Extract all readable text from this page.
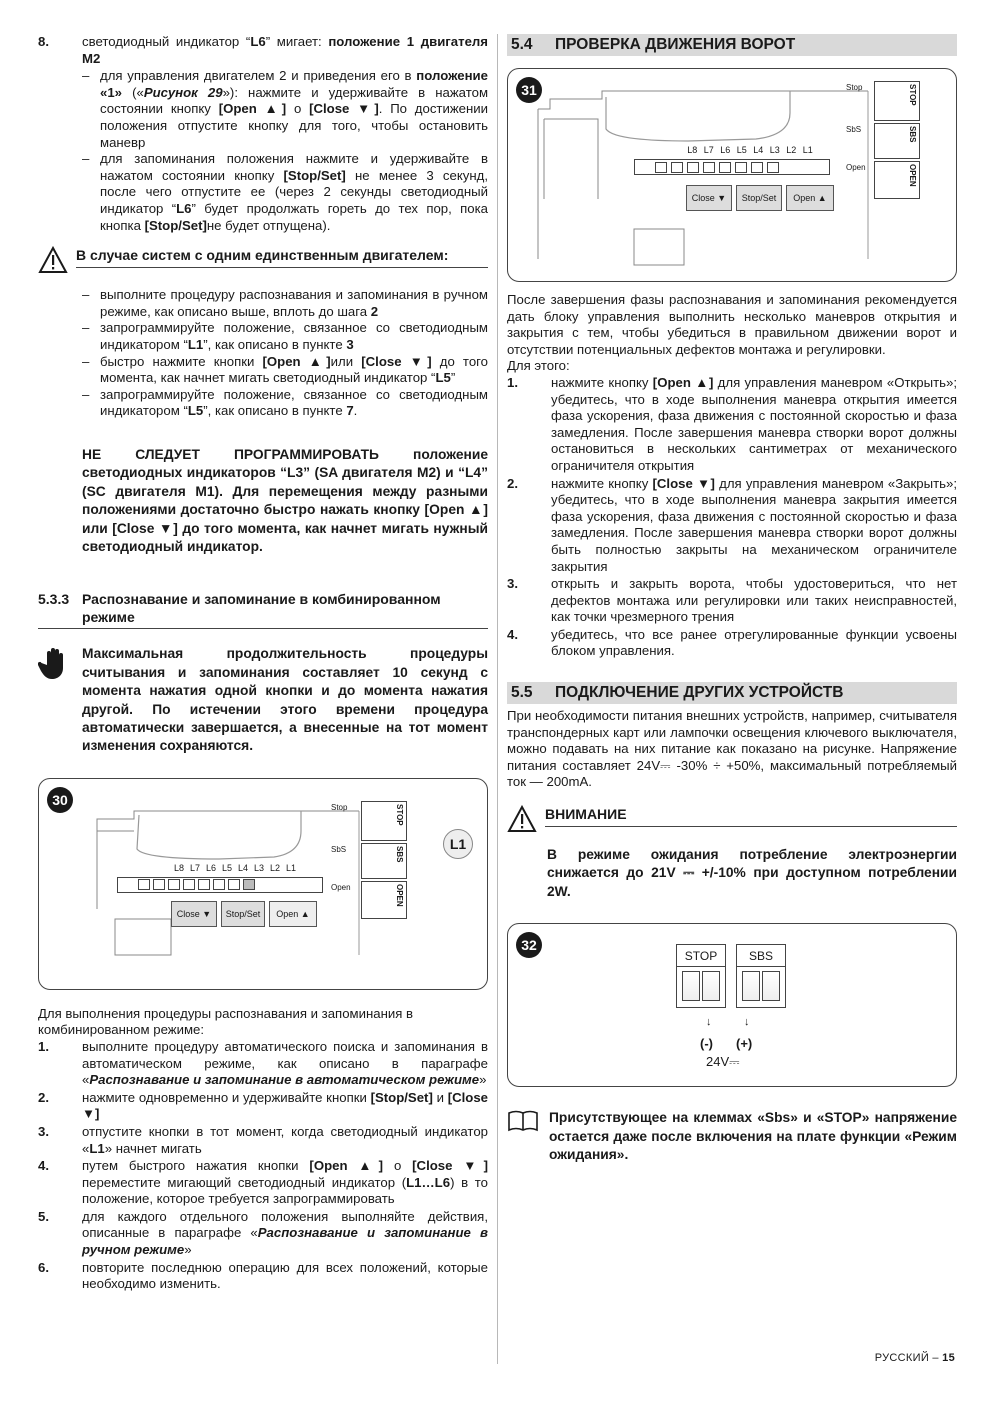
8.	светодиодный индикатор “L6” мигает: положение 1 двигателя M2
– для управления двигателем 2 и приведения его в положение «1» («Рисунок 29»): нажмите и удерживайте в нажатом состоянии кнопку [Open ▲] о [Close ▼]. По достижении положения отпустите кнопку для того, чтобы остановить маневр
– для запоминания положения нажмите и удерживайте в нажатом состоянии кнопку [Stop/Set] не менее 3 секунд, после чего отпустите ее (через 2 секунды светодиодный индикатор “L6” будет продолжать гореть до тех пор, пока кнопка [Stop/Set]не будет отпущена).
В случае систем с одним единственным двигателем:
– выполните процедуру распознавания и запоминания в ручном режиме, как описано выше, вплоть до шага 2
– запрограммируйте положение, связанное со светодиодным индикатором “L1”, как описано в пункте 3
– быстро нажмите кнопки [Open ▲]или [Close ▼] до того момента, как начнет мигать светодиодный индикатор “L5”
– запрограммируйте положение, связанное со светодиодным индикатором “L5”, как описано в пункте 7.
НЕ СЛЕДУЕТ ПРОГРАММИРОВАТЬ положение светодиодных индикаторов “L3” (SA двигателя M2) и “L4” (SC двигателя M1). Для перемещения между разными положениями достаточно быстро нажать кнопку [Open ▲] или [Close ▼] до того момента, как начнет мигать нужный светодиодный индикатор.
5.3.3 Распознавание и запоминание в комбинированном режиме
Максимальная продолжительность процедуры считывания и запоминания составляет 10 секунд с момента нажатия одной кнопки и до момента нажатия другой. По истечении этого времени процедура автоматически завершается, а внесенные на тот момент изменения сохраняются.
30
L8 L7 L6 L5 L4 L3 L2 L1
Close ▼	Stop/Set	Open ▲
Stop
SbS
Open
STOP
SBS
OPEN
L1

Для выполнения процедуры распознавания и запоминания в комбинированном режиме:

1.	выполните процедуру автоматического поиска и запоминания в автоматическом режиме, как описано в параграфе «Распознавание и запоминание в автоматическом режиме»
2.	нажмите одновременно и удерживайте кнопки [Stop/Set] и [Close ▼]
3.	отпустите кнопки в тот момент, когда светодиодный индикатор «L1» начнет мигать
4.	путем быстрого нажатия кнопки [Open ▲] о [Close ▼] переместите мигающий светодиодный индикатор (L1…L6) в то положение, которое требуется запрограммировать
5.	для каждого отдельного положения выполняйте действия, описанные в параграфе «Распознавание и запоминание в ручном режиме»
6.	повторите последнюю операцию для всех положений, которые необходимо изменить.
5.4	ПРОВЕРКА ДВИЖЕНИЯ ВОРОТ
31
L8 L7 L6 L5 L4 L3 L2 L1
Close ▼	Stop/Set	Open ▲
Stop
SbS
Open
STOP
SBS
OPEN

После завершения фазы распознавания и запоминания рекомендуется дать блоку управления выполнить несколько маневров открытия и закрытия с тем, чтобы убедиться в правильном движении ворот и отсутствии потенциальных дефектов монтажа и регулировки.

Для этого:

1.	нажмите кнопку [Open ▲] для управления маневром «Открыть»; убедитесь, что в ходе выполнения маневра открытия имеется фаза ускорения, фаза движения с постоянной скоростью и фаза замедления. После завершения маневра створки ворот должны остановиться в нескольких сантиметрах от механического ограничителя открытия
2.	нажмите кнопку [Close ▼] для управления маневром «Закрыть»; убедитесь, что в ходе выполнения маневра закрытия имеется фаза ускорения, фаза движения с постоянной скоростью и фаза замедления. После завершения маневра створки ворот должны быть полностью закрыты на механическом ограничителе закрытия
3.	открыть и закрыть ворота, чтобы удостовериться, что нет дефектов монтажа или регулировки или таких неисправностей, как точки чрезмерного трения
4.	убедитесь, что все ранее отрегулированные функции усвоены блоком управления.
5.5	ПОДКЛЮЧЕНИЕ ДРУГИХ УСТРОЙСТВ

При необходимости питания внешних устройств, например, считывателя транспондерных карт или лампочки освещения ключевого выключателя, можно подавать на них питание как показано на рисунке. Напряжение питания составляет 24V⎓ -30% ÷ +50%, максимальный потребляемый ток — 200mA.

ВНИМАНИЕ
В режиме ожидания потребление электроэнергии снижается до 21V ⎓ +/-10% при доступном потреблении 2W.
32
STOP	SBS
↓	↓
(-) (+)
24V⎓
Присутствующее на клеммах «Sbs» и «STOP» напряжение остается даже после включения на плате функции «Режим ожидания».
РУССКИЙ – 15
